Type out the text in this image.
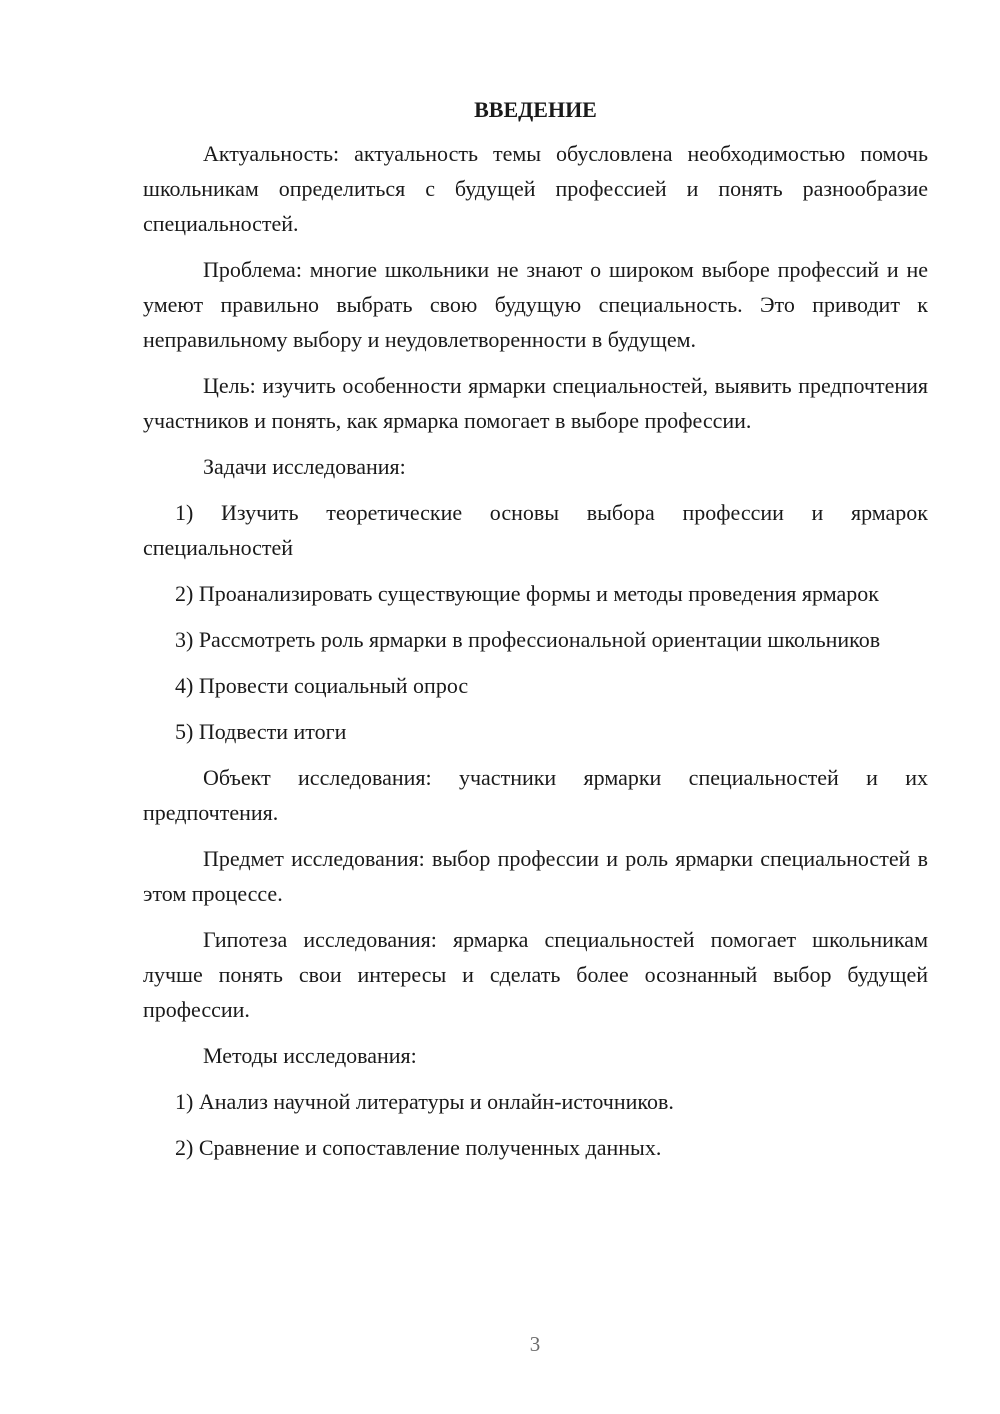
ВВЕДЕНИЕ

Актуальность: актуальность темы обусловлена необходимостью помочь школьникам определиться с будущей профессией и понять разнообразие специальностей.

Проблема: многие школьники не знают о широком выборе профессий и не умеют правильно выбрать свою будущую специальность. Это приводит к неправильному выбору и неудовлетворенности в будущем.

Цель: изучить особенности ярмарки специальностей, выявить предпочтения участников и понять, как ярмарка помогает в выборе профессии.

Задачи исследования:

1) Изучить теоретические основы выбора профессии и ярмарок специальностей

2) Проанализировать существующие формы и методы проведения ярмарок

3) Рассмотреть роль ярмарки в профессиональной ориентации школьников

4) Провести социальный опрос

5) Подвести итоги

Объект исследования: участники ярмарки специальностей и их предпочтения.

Предмет исследования: выбор профессии и роль ярмарки специальностей в этом процессе.

Гипотеза исследования: ярмарка специальностей помогает школьникам лучше понять свои интересы и сделать более осознанный выбор будущей профессии.

Методы исследования:

1) Анализ научной литературы и онлайн-источников.

2) Сравнение и сопоставление полученных данных.

3
